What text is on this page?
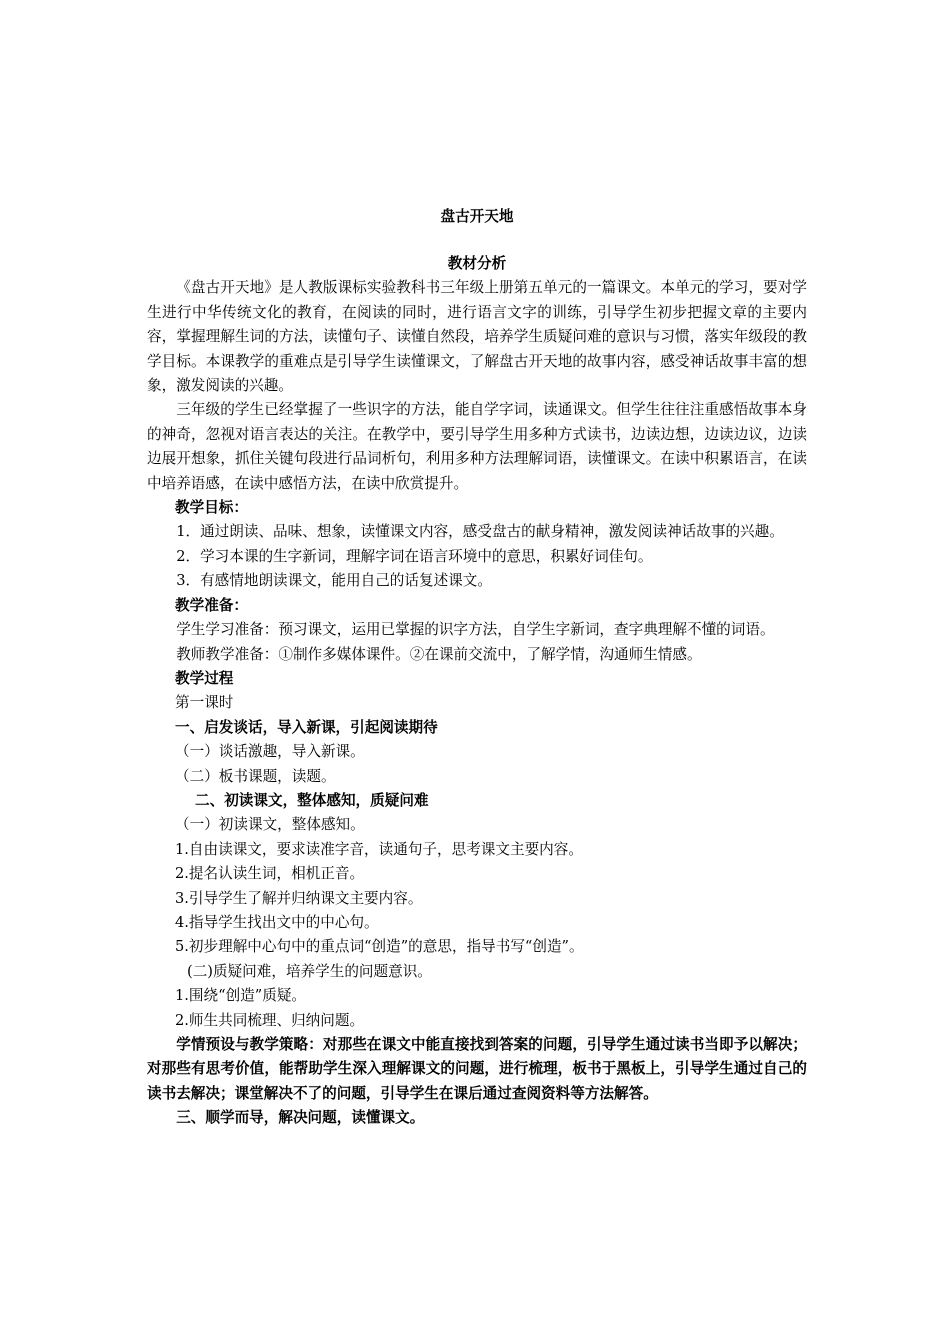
盘古开天地

教材分析

《盘古开天地》是人教版课标实验教科书三年级上册第五单元的一篇课文。本单元的学习，要对学生进行中华传统文化的教育，在阅读的同时，进行语言文字的训练，引导学生初步把握文章的主要内容，掌握理解生词的方法，读懂句子、读懂自然段，培养学生质疑问难的意识与习惯，落实年级段的教学目标。本课教学的重难点是引导学生读懂课文，了解盘古开天地的故事内容，感受神话故事丰富的想象，激发阅读的兴趣。

三年级的学生已经掌握了一些识字的方法，能自学字词，读通课文。但学生往往注重感悟故事本身的神奇，忽视对语言表达的关注。在教学中，要引导学生用多种方式读书，边读边想，边读边议，边读边展开想象，抓住关键句段进行品词析句，利用多种方法理解词语，读懂课文。在读中积累语言，在读中培养语感，在读中感悟方法，在读中欣赏提升。

教学目标：

1．通过朗读、品味、想象，读懂课文内容，感受盘古的献身精神，激发阅读神话故事的兴趣。

2．学习本课的生字新词，理解字词在语言环境中的意思，积累好词佳句。

3．有感情地朗读课文，能用自己的话复述课文。

教学准备：

学生学习准备：预习课文，运用已掌握的识字方法，自学生字新词，查字典理解不懂的词语。

教师教学准备：①制作多媒体课件。②在课前交流中，了解学情，沟通师生情感。

教学过程

第一课时

一、启发谈话，导入新课，引起阅读期待

（一）谈话激趣，导入新课。

（二）板书课题，读题。

二、初读课文，整体感知，质疑问难

（一）初读课文，整体感知。

1.自由读课文，要求读准字音，读通句子，思考课文主要内容。

2.提名认读生词，相机正音。

3.引导学生了解并归纳课文主要内容。

4.指导学生找出文中的中心句。

5.初步理解中心句中的重点词“创造”的意思，指导书写“创造”。

(二)质疑问难，培养学生的问题意识。

1.围绕“创造”质疑。

2.师生共同梳理、归纳问题。

学情预设与教学策略：对那些在课文中能直接找到答案的问题，引导学生通过读书当即予以解决；对那些有思考价值，能帮助学生深入理解课文的问题，进行梳理，板书于黑板上，引导学生通过自己的读书去解决；课堂解决不了的问题，引导学生在课后通过查阅资料等方法解答。

三、顺学而导，解决问题，读懂课文。
